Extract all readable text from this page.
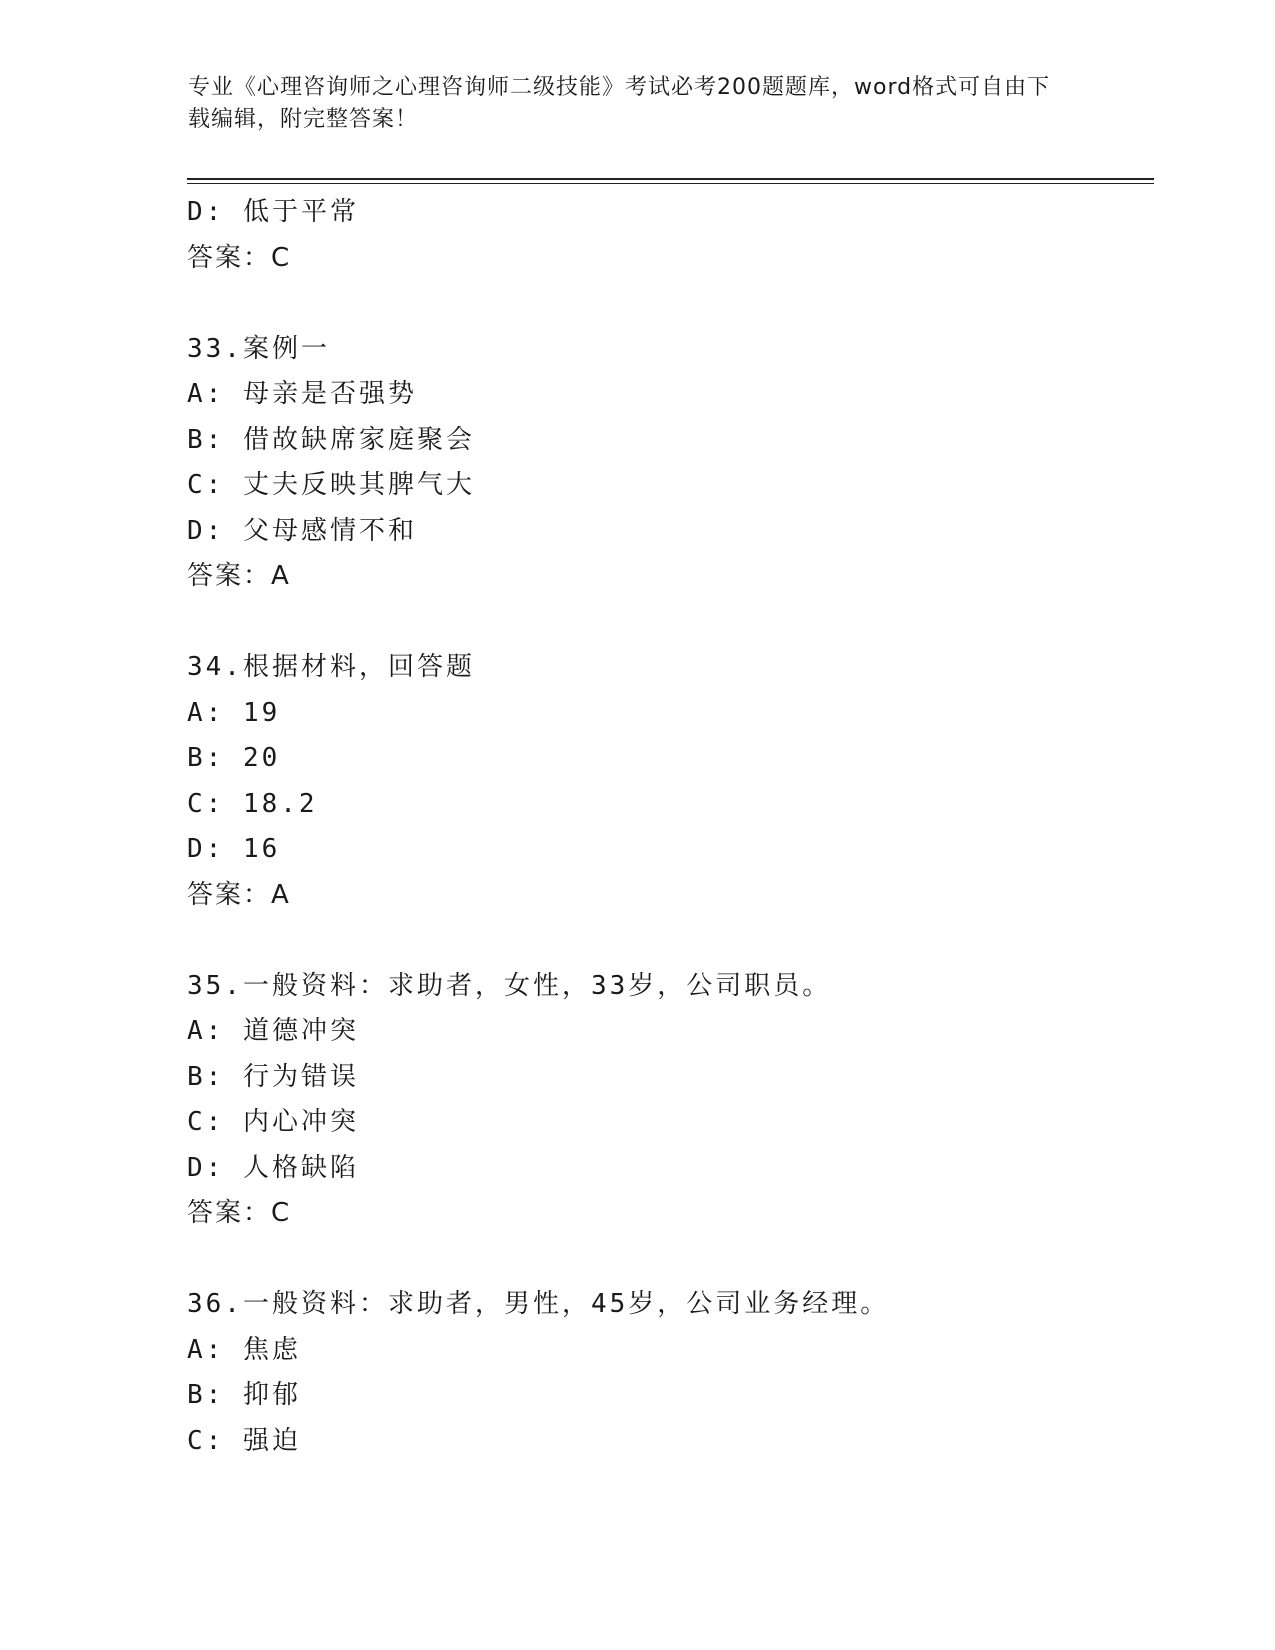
专业《心理咨询师之心理咨询师二级技能》考试必考200题题库，word格式可自由下载编辑，附完整答案！
D: 低于平常
答案：C
33.案例一
A: 母亲是否强势
B: 借故缺席家庭聚会
C: 丈夫反映其脾气大
D: 父母感情不和
答案：A
34.根据材料，回答题
A: 19
B: 20
C: 18.2
D: 16
答案：A
35.一般资料：求助者，女性，33岁，公司职员。
A: 道德冲突
B: 行为错误
C: 内心冲突
D: 人格缺陷
答案：C
36.一般资料：求助者，男性，45岁，公司业务经理。
A: 焦虑
B: 抑郁
C: 强迫
